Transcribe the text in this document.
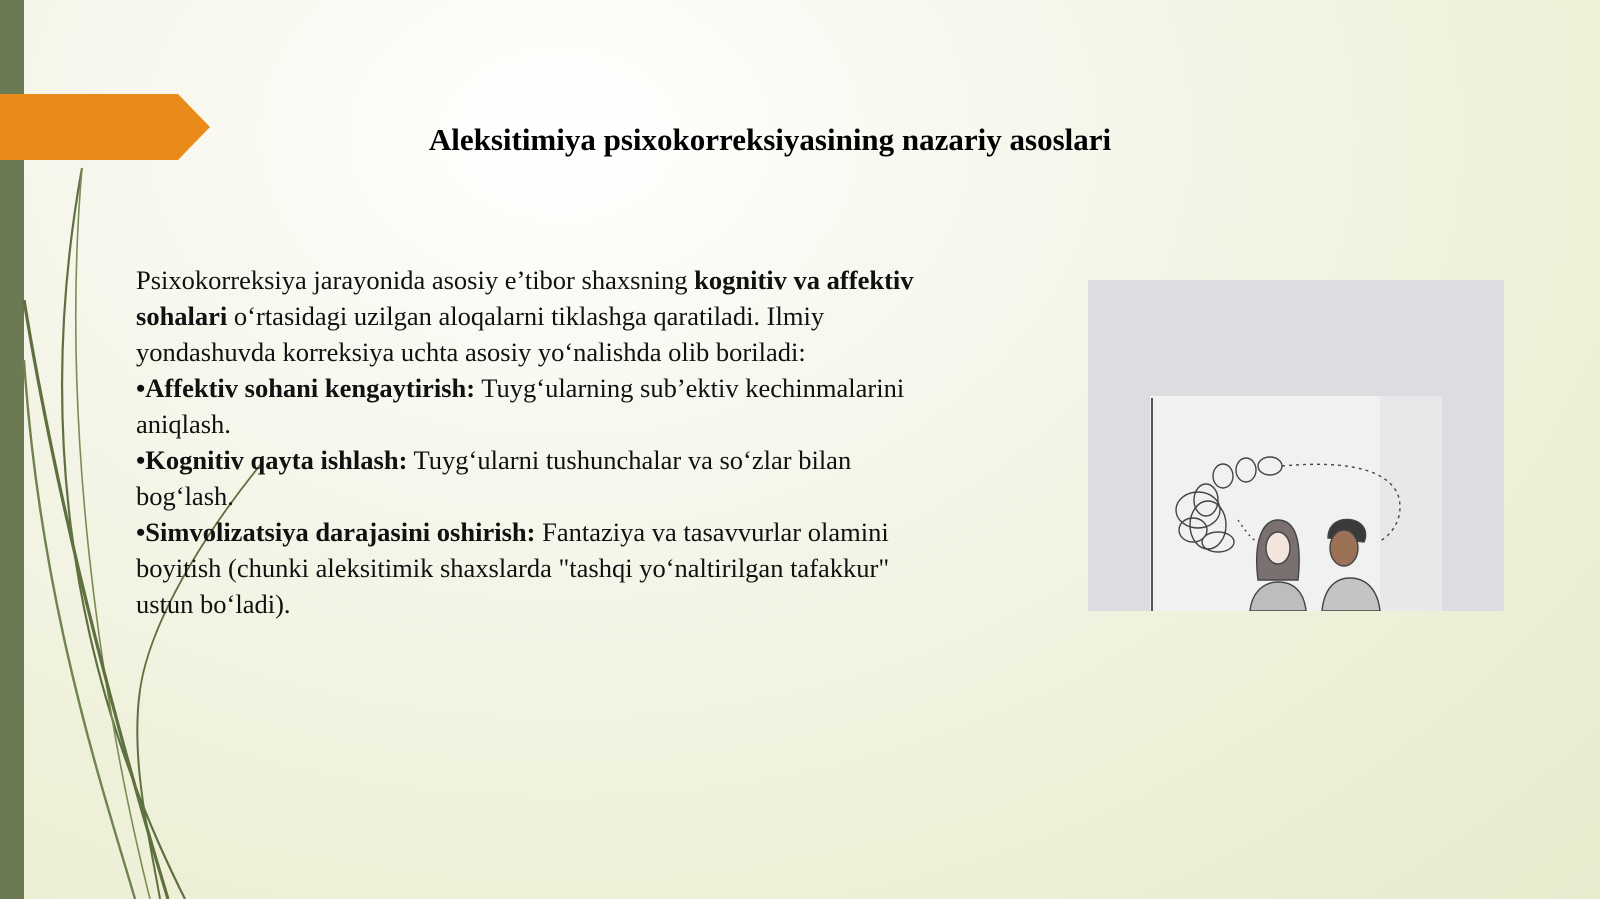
Aleksitimiya psixokorreksiyasining nazariy asoslari

Psixokorreksiya jarayonida asosiy e’tibor shaxsning kognitiv va affektiv sohalari o‘rtasidagi uzilgan aloqalarni tiklashga qaratiladi. Ilmiy yondashuvda korreksiya uchta asosiy yo‘nalishda olib boriladi:

•Affektiv sohani kengaytirish: Tuyg‘ularning sub’ektiv kechinmalarini aniqlash.

•Kognitiv qayta ishlash: Tuyg‘ularni tushunchalar va so‘zlar bilan bog‘lash.

•Simvolizatsiya darajasini oshirish: Fantaziya va tasavvurlar olamini boyitish (chunki aleksitimik shaxslarda "tashqi yo‘naltirilgan tafakkur" ustun bo‘ladi).
